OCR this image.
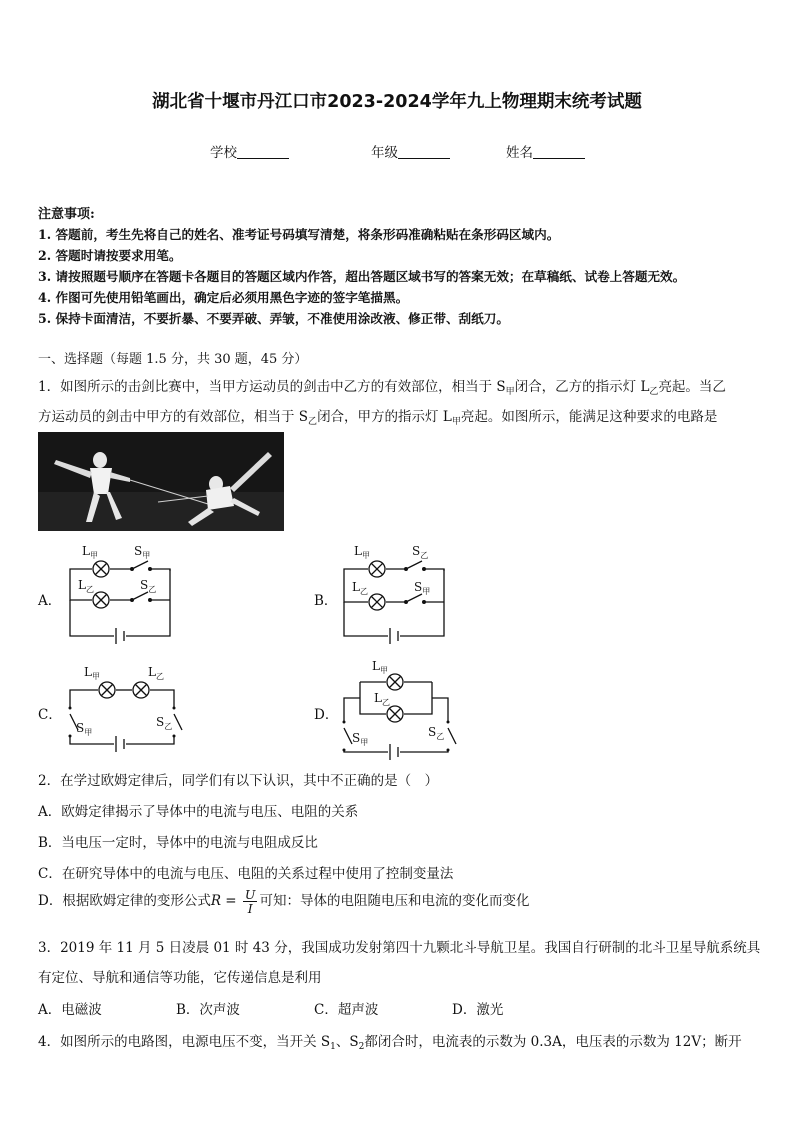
湖北省十堰市丹江口市2023-2024学年九上物理期末统考试题
学校	年级	姓名
注意事项:
1. 答题前，考生先将自己的姓名、准考证号码填写清楚，将条形码准确粘贴在条形码区域内。
2. 答题时请按要求用笔。
3. 请按照题号顺序在答题卡各题目的答题区域内作答，超出答题区域书写的答案无效；在草稿纸、试卷上答题无效。
4. 作图可先使用铅笔画出，确定后必须用黑色字迹的签字笔描黑。
5. 保持卡面清洁，不要折暴、不要弄破、弄皱，不准使用涂改液、修正带、刮纸刀。
一、选择题（每题 1.5 分，共 30 题，45 分）
1．如图所示的击剑比赛中，当甲方运动员的剑击中乙方的有效部位，相当于 $S_甲$闭合，乙方的指示灯 $L_乙$亮起。当乙
方运动员的剑击中甲方的有效部位，相当于 $S_乙$闭合，甲方的指示灯 $L_甲$亮起。如图所示，能满足这种要求的电路是
A．
$L_甲$	$S_甲$
$L_乙$	$S_乙$
B．
$L_甲$	$S_乙$
$L_乙$	$S_甲$
C．
$L_甲$	$L_乙$
$S_甲$
$S_乙$
D．
$L_甲$
$L_乙$
$S_甲$
$S_乙$
2．在学过欧姆定律后，同学们有以下认识，其中不正确的是（　）
A．欧姆定律揭示了导体中的电流与电压、电阻的关系
B．当电压一定时，导体中的电流与电阻成反比
C．在研究导体中的电流与电压、电阻的关系过程中使用了控制变量法
D．根据欧姆定律的变形公式$R = \frac{U}{I}$ 可知：导体的电阻随电压和电流的变化而变化
3．2019 年 11 月 5 日凌晨 01 时 43 分，我国成功发射第四十九颗北斗导航卫星。我国自行研制的北斗卫星导航系统具
有定位、导航和通信等功能，它传递信息是利用
A．电磁波	B．次声波	C．超声波	D．激光
4．如图所示的电路图，电源电压不变，当开关 $S_1$、$S_2$都闭合时，电流表的示数为 0.3A，电压表的示数为 12V；断开
